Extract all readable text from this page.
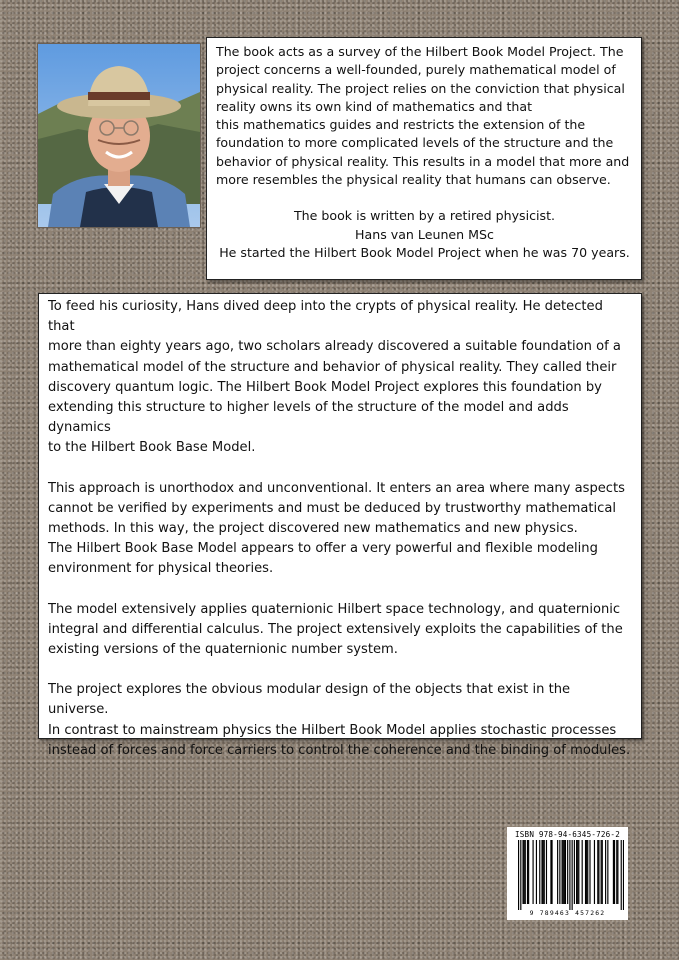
The book acts as a survey of the Hilbert Book Model Project. The
project concerns a well-founded, purely mathematical model of
physical reality. The project relies on the conviction that physical
reality owns its own kind of mathematics and that
this mathematics guides and restricts the extension of the
foundation to more complicated levels of the structure and the
behavior of physical reality. This results in a model that more and
more resembles the physical reality that humans can observe.

The book is written by a retired physicist.

Hans van Leunen MSc

He started the Hilbert Book Model Project when he was 70 years.

To feed his curiosity, Hans dived deep into the crypts of physical reality. He detected that
more than eighty years ago, two scholars already discovered a suitable foundation of a
mathematical model of the structure and behavior of physical reality. They called their
discovery quantum logic. The Hilbert Book Model Project explores this foundation by
extending this structure to higher levels of the structure of the model and adds dynamics
to the Hilbert Book Base Model.

This approach is unorthodox and unconventional. It enters an area where many aspects
cannot be verified by experiments and must be deduced by trustworthy mathematical
methods. In this way, the project discovered new mathematics and new physics.
The Hilbert Book Base Model appears to offer a very powerful and flexible modeling
environment for physical theories.

The model extensively applies quaternionic Hilbert space technology, and quaternionic
integral and differential calculus. The project extensively exploits the capabilities of the
existing versions of the quaternionic number system.

The project explores the obvious modular design of the objects that exist in the universe.
In contrast to mainstream physics the Hilbert Book Model applies stochastic processes
instead of forces and force carriers to control the coherence and the binding of modules.

ISBN 978-94-6345-726-2
9 789463 457262
